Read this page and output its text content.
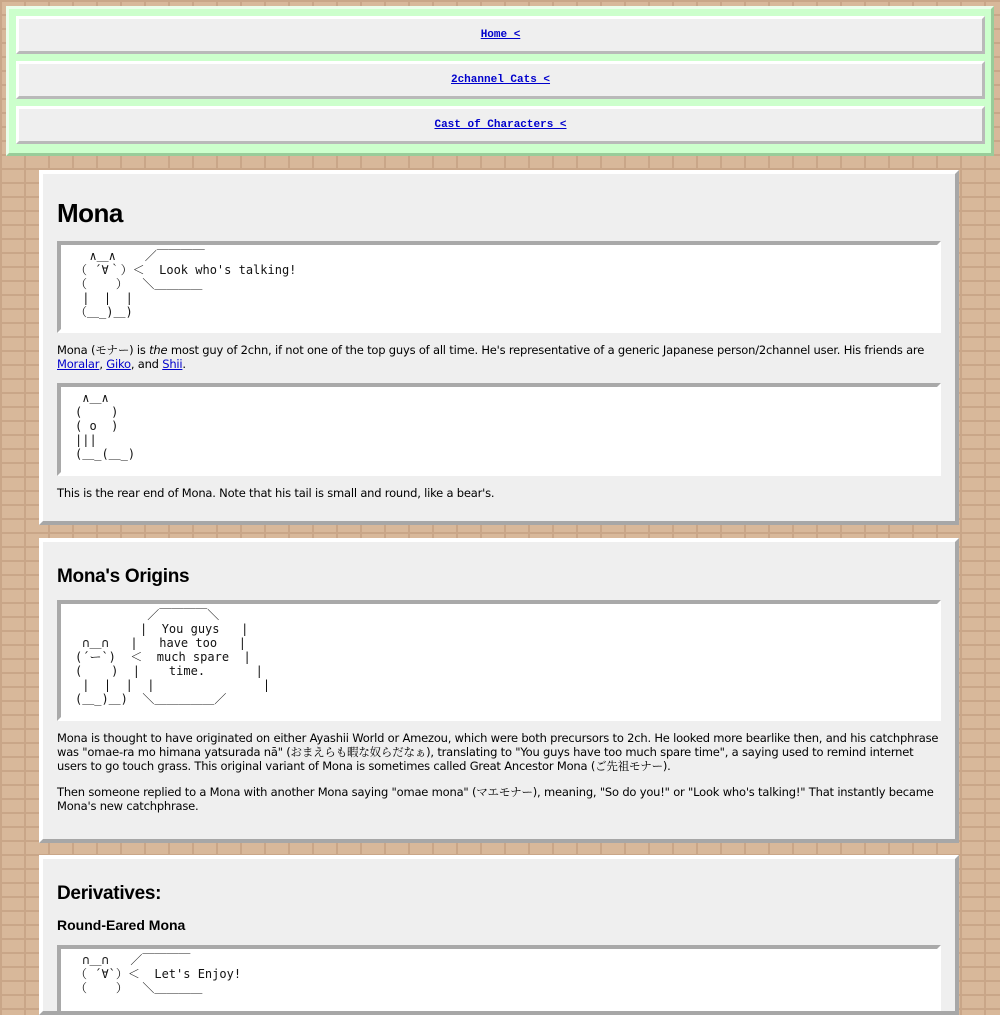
Home <
2channel Cats <
Cast of Characters <
Mona
∧＿∧    ／￣￣￣￣
（ ´∀｀）＜  Look who's talking!
（    ）  ＼＿＿＿＿
|  |  |
（＿_)＿)
Mona (モナー) is the most guy of 2chn, if not one of the top guys of all time. He's representative of a generic Japanese person/2channel user. His friends are Moralar, Giko, and Shii.
∧＿∧
(    )
( o  )
|||
(＿_(＿_)
This is the rear end of Mona. Note that his tail is small and round, like a bear's.
Mona's Origins
／￣￣￣￣＼
|  You guys   |
∩＿∩   |   have too   |
(´ー`)  ＜  much spare  |
(    )  |    time.       |
|  |  |  |               |
(＿_)＿)  ＼＿＿＿＿＿／
Mona is thought to have originated on either Ayashii World or Amezou, which were both precursors to 2ch. He looked more bearlike then, and his catchphrase was "omae-ra mo himana yatsurada nā" (おまえらも暇な奴らだなぁ), translating to "You guys have too much spare time", a saying used to remind internet users to go touch grass. This original variant of Mona is sometimes called Great Ancestor Mona (ご先祖モナー).
Then someone replied to a Mona with another Mona saying "omae mona" (マエモナー), meaning, "So do you!" or "Look who's talking!" That instantly became Mona's new catchphrase.
Derivatives:
Round-Eared Mona
∩＿∩   ／￣￣￣￣
（ ´∀`）＜  Let's Enjoy!
（    ）  ＼＿＿＿＿
